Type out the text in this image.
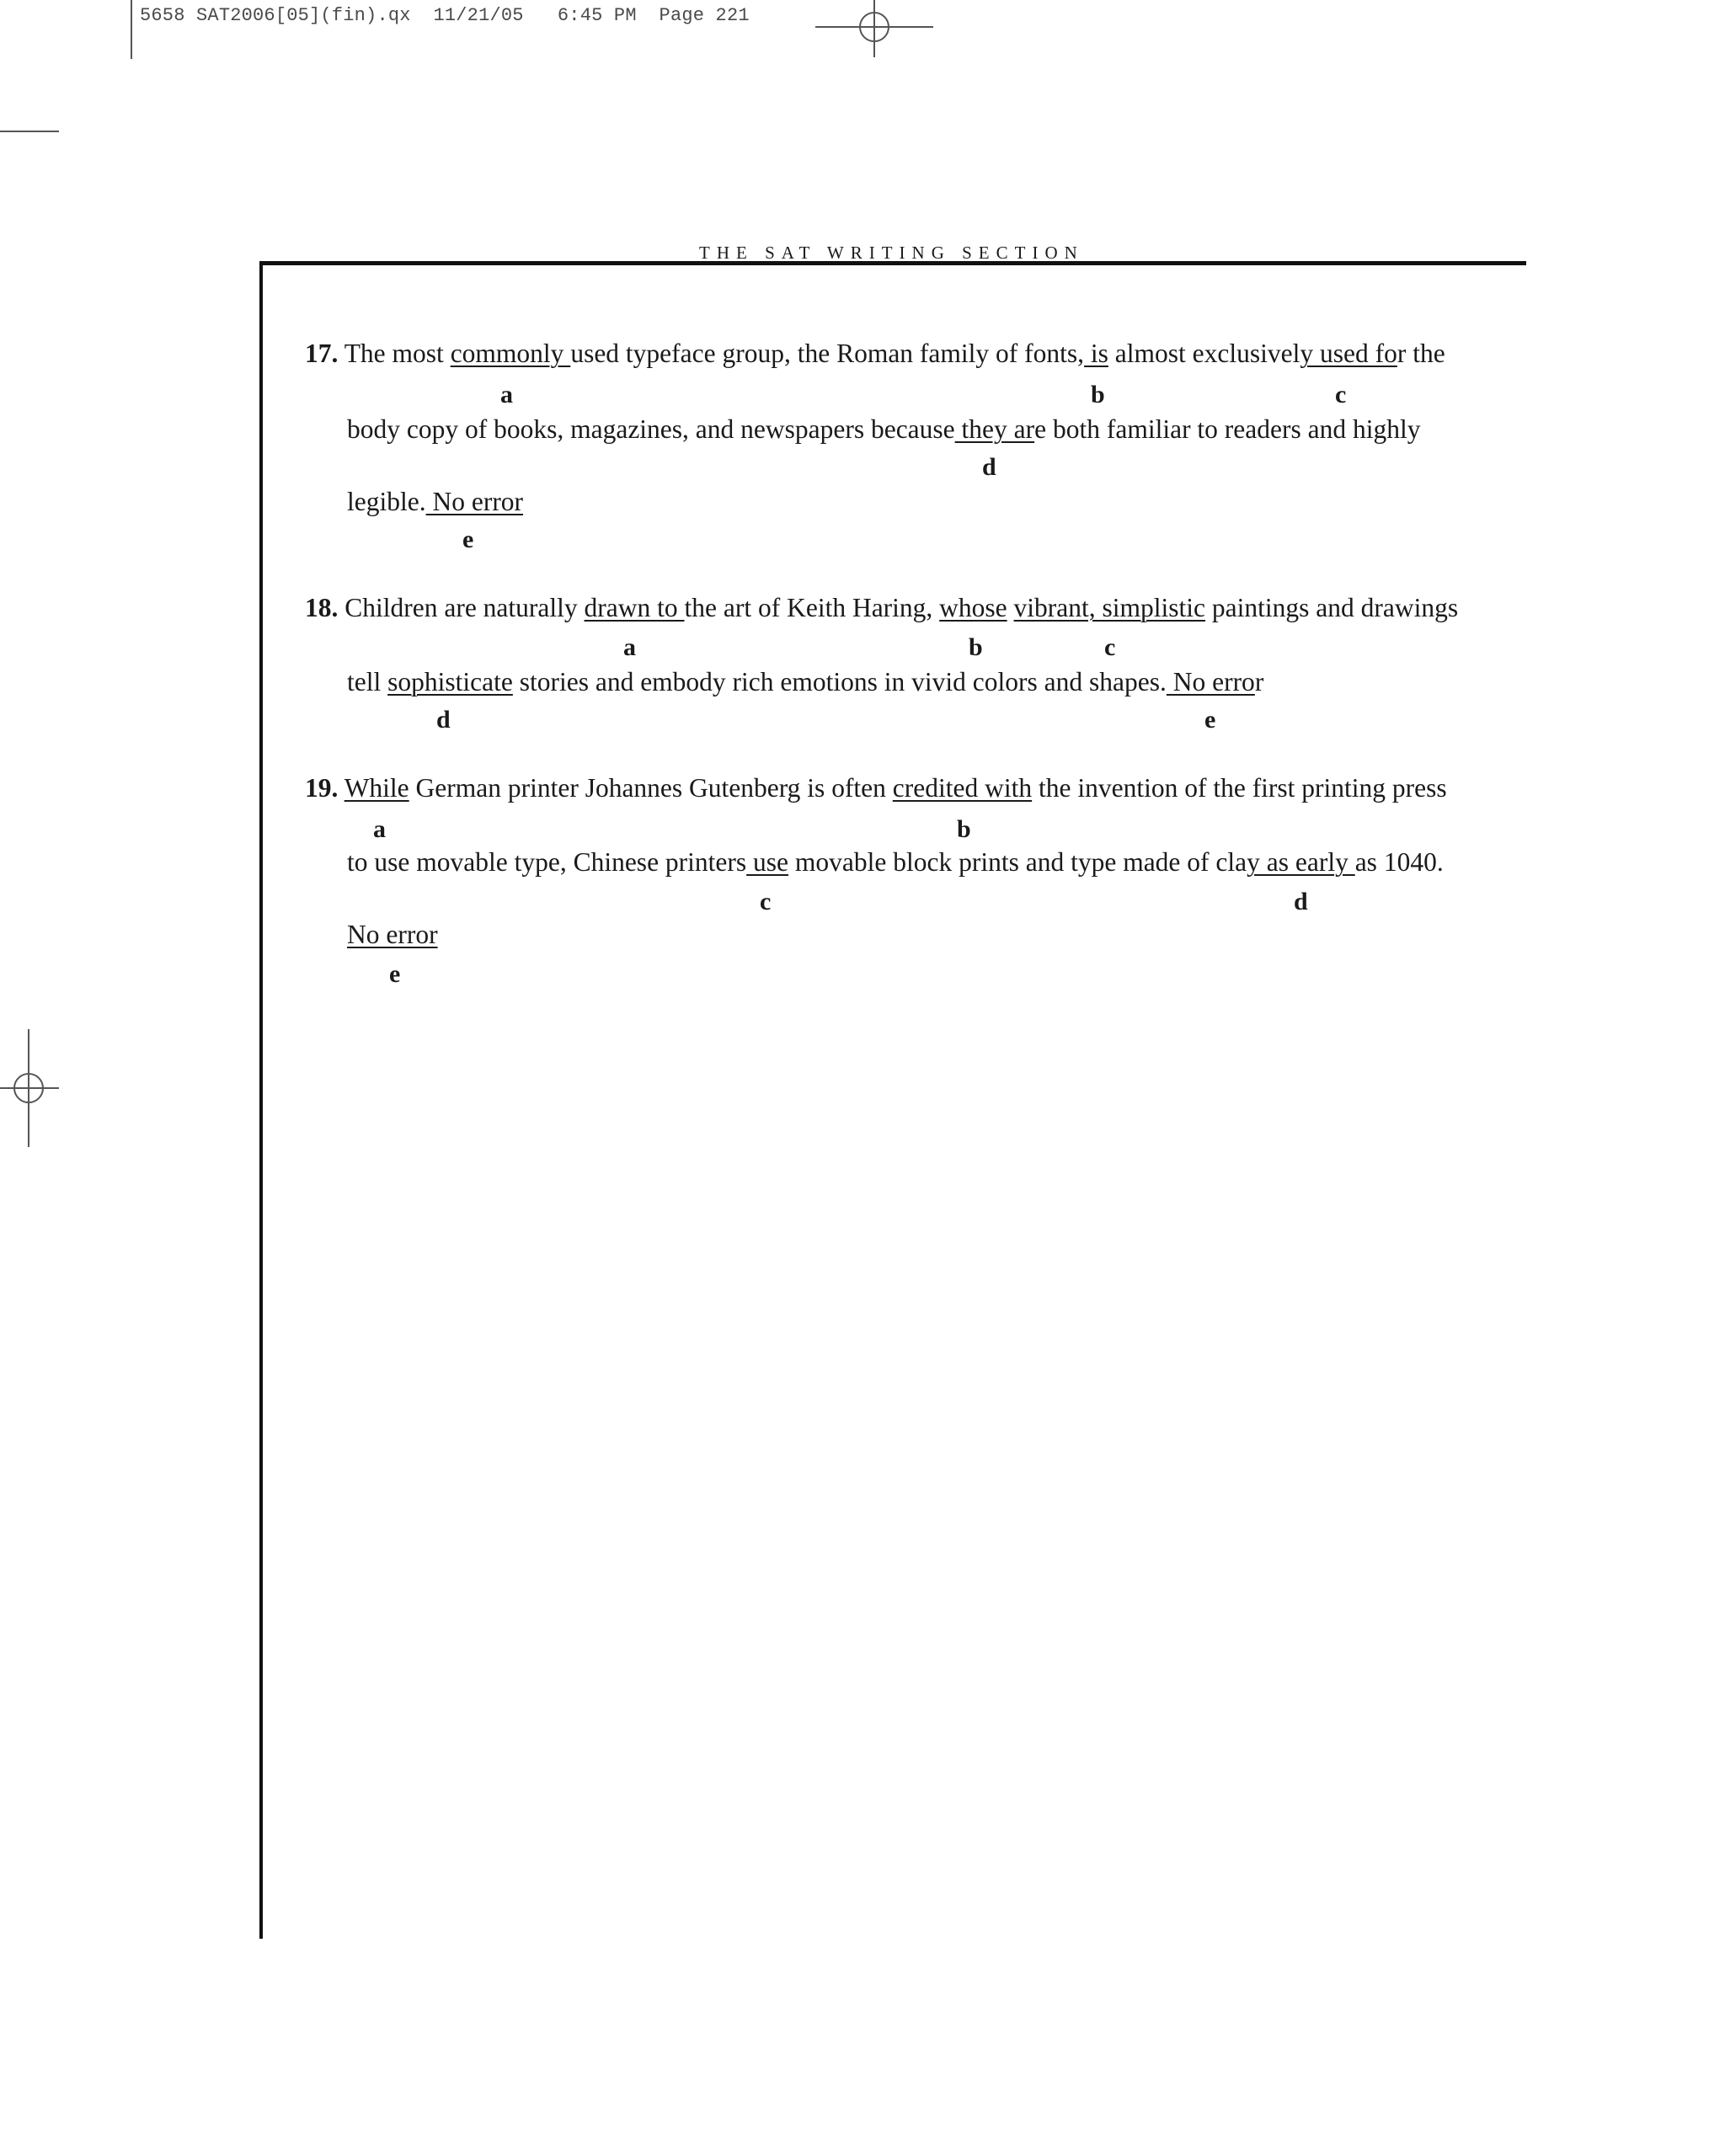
5658 SAT2006[05](fin).qx 11/21/05 6:45 PM Page 221
THE SAT WRITING SECTION
17. The most commonly used typeface group, the Roman family of fonts, is almost exclusively used for the
a	b	c
body copy of books, magazines, and newspapers because they are both familiar to readers and highly
d
legible. No error
e
18. Children are naturally drawn to the art of Keith Haring, whose vibrant, simplistic paintings and drawings
a	b	c
tell sophisticate stories and embody rich emotions in vivid colors and shapes. No error
d	e
19. While German printer Johannes Gutenberg is often credited with the invention of the first printing press
a	b
to use movable type, Chinese printers use movable block prints and type made of clay as early as 1040.
c	d
No error
e
